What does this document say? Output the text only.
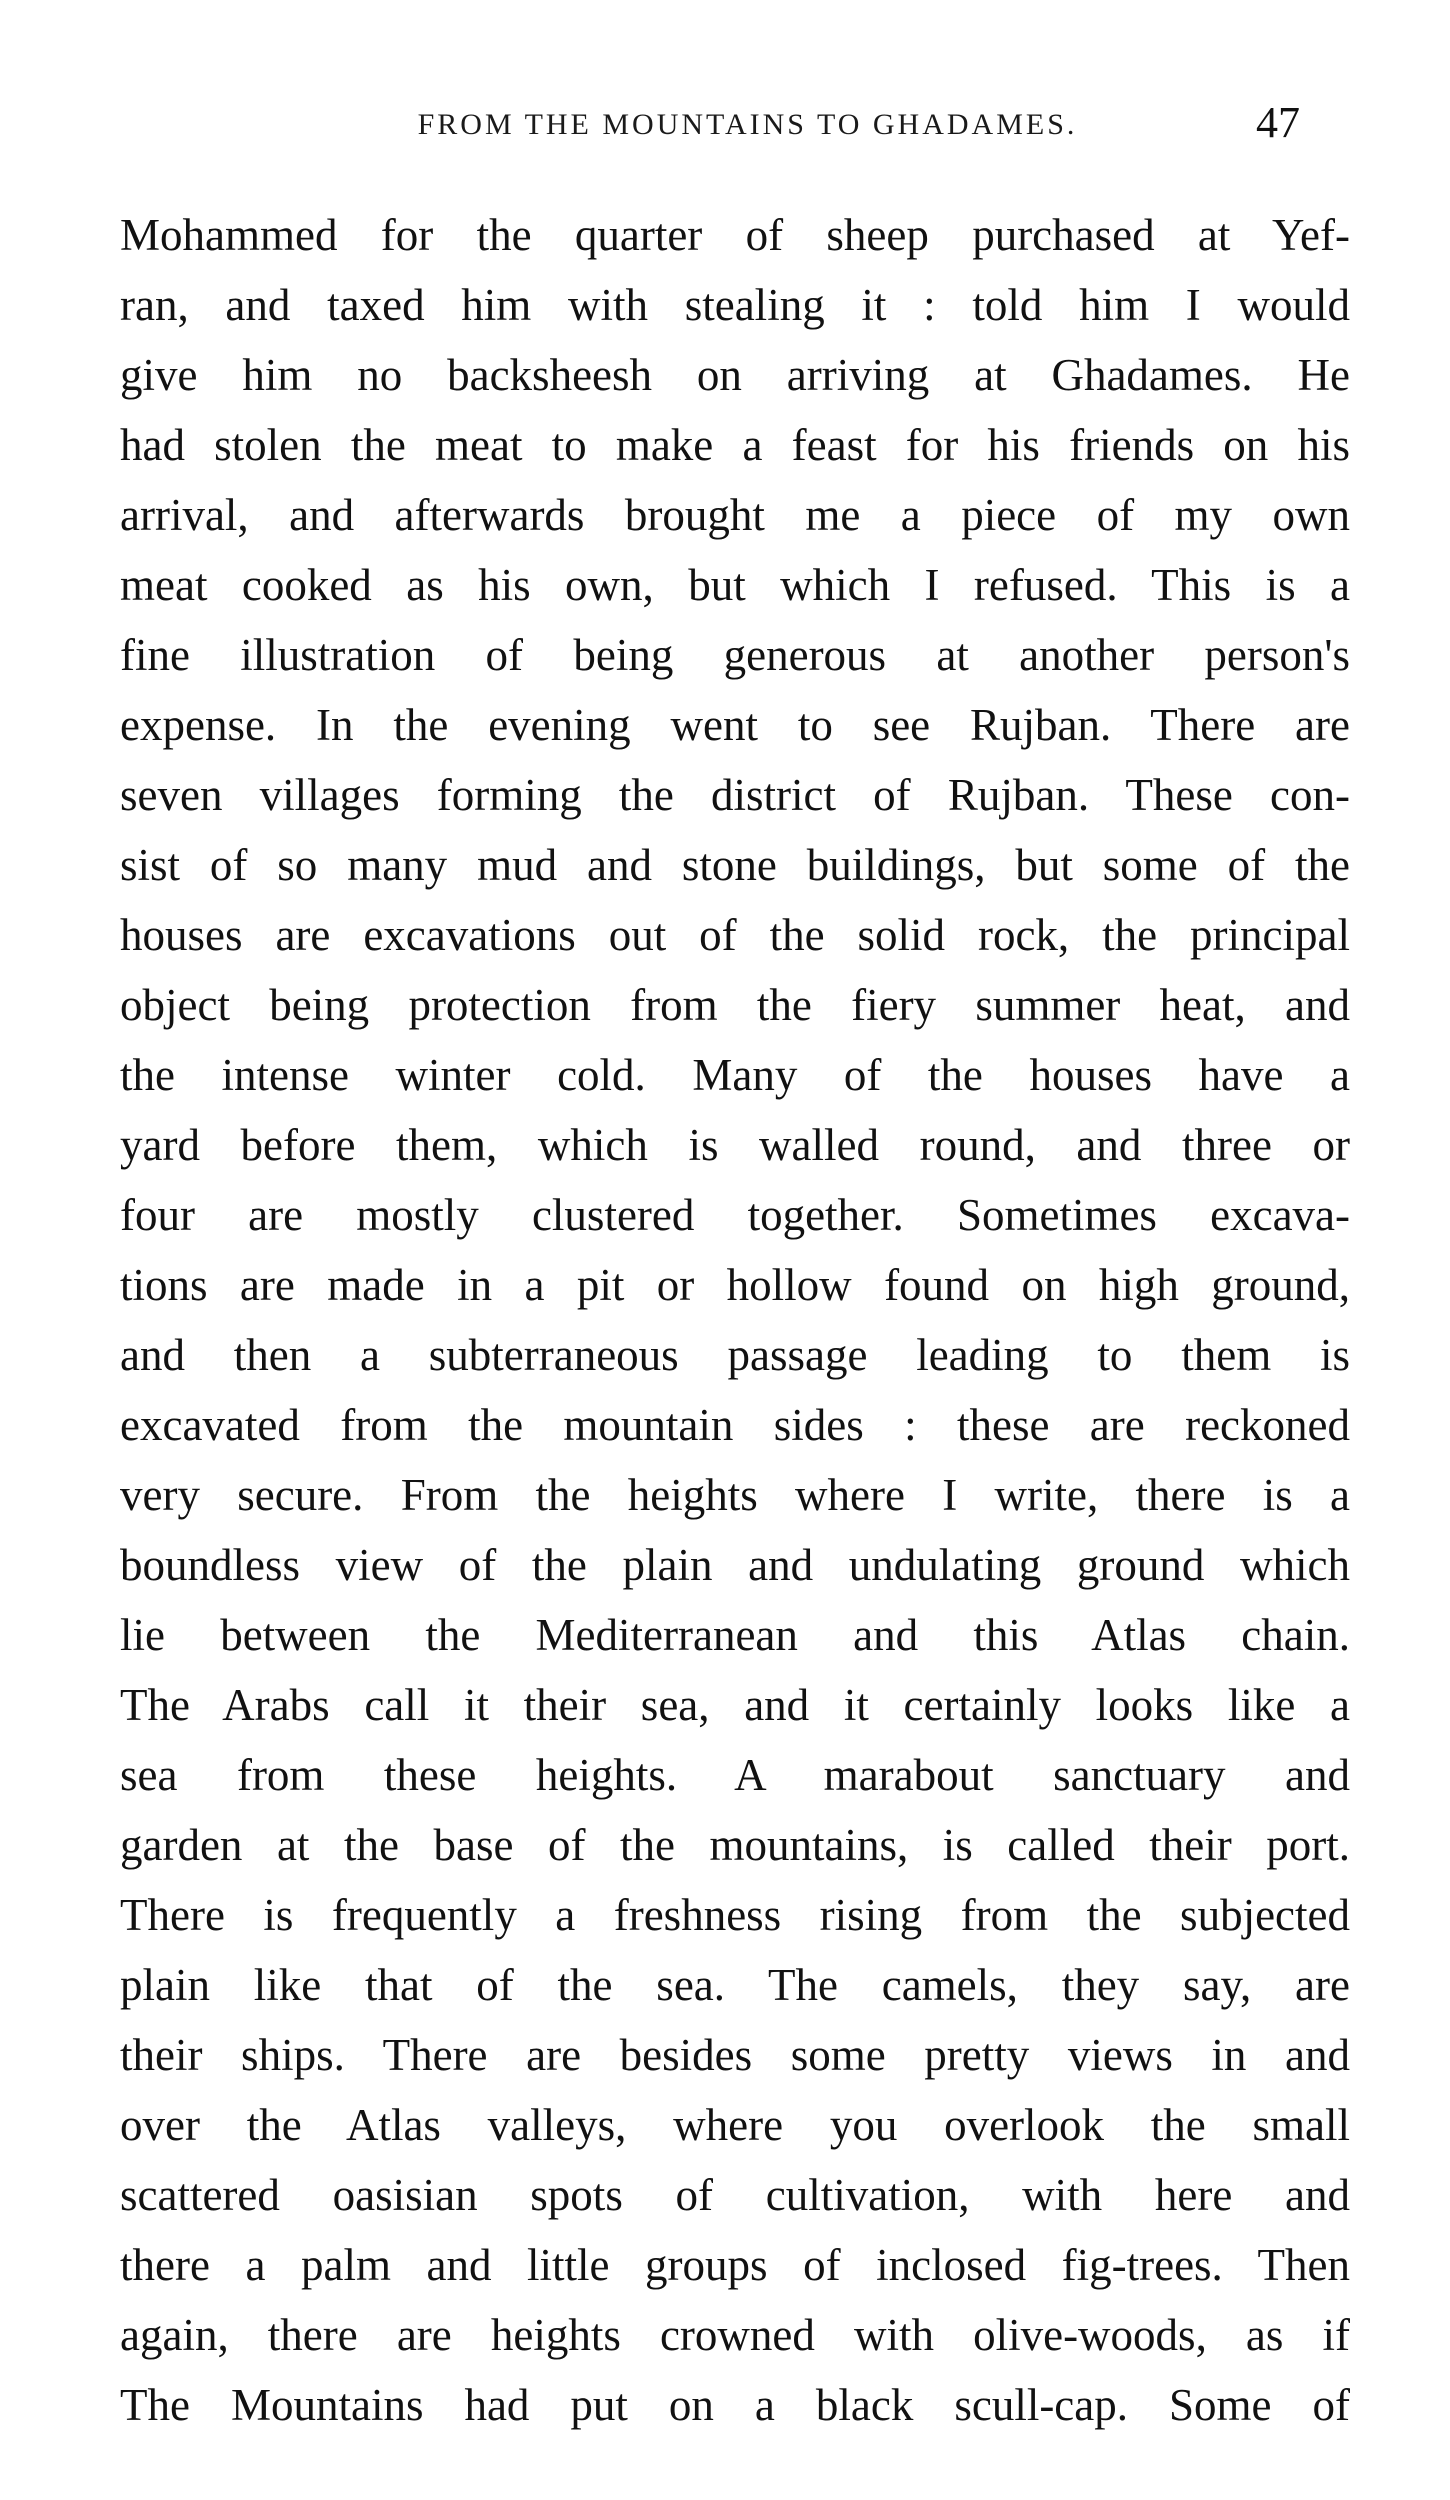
FROM THE MOUNTAINS TO GHADAMES.	47
Mohammed for the quarter of sheep purchased at Yef-
ran, and taxed him with stealing it : told him I would
give him no backsheesh on arriving at Ghadames. He
had stolen the meat to make a feast for his friends on his
arrival, and afterwards brought me a piece of my own
meat cooked as his own, but which I refused. This is a
fine illustration of being generous at another person's
expense. In the evening went to see Rujban. There are
seven villages forming the district of Rujban. These con-
sist of so many mud and stone buildings, but some of the
houses are excavations out of the solid rock, the principal
object being protection from the fiery summer heat, and
the intense winter cold. Many of the houses have a
yard before them, which is walled round, and three or
four are mostly clustered together. Sometimes excava-
tions are made in a pit or hollow found on high ground,
and then a subterraneous passage leading to them is
excavated from the mountain sides : these are reckoned
very secure. From the heights where I write, there is a
boundless view of the plain and undulating ground which
lie between the Mediterranean and this Atlas chain.
The Arabs call it their sea, and it certainly looks like a
sea from these heights. A marabout sanctuary and
garden at the base of the mountains, is called their port.
There is frequently a freshness rising from the subjected
plain like that of the sea. The camels, they say, are
their ships. There are besides some pretty views in and
over the Atlas valleys, where you overlook the small
scattered oasisian spots of cultivation, with here and
there a palm and little groups of inclosed fig-trees. Then
again, there are heights crowned with olive-woods, as if
The Mountains had put on a black scull-cap. Some of
